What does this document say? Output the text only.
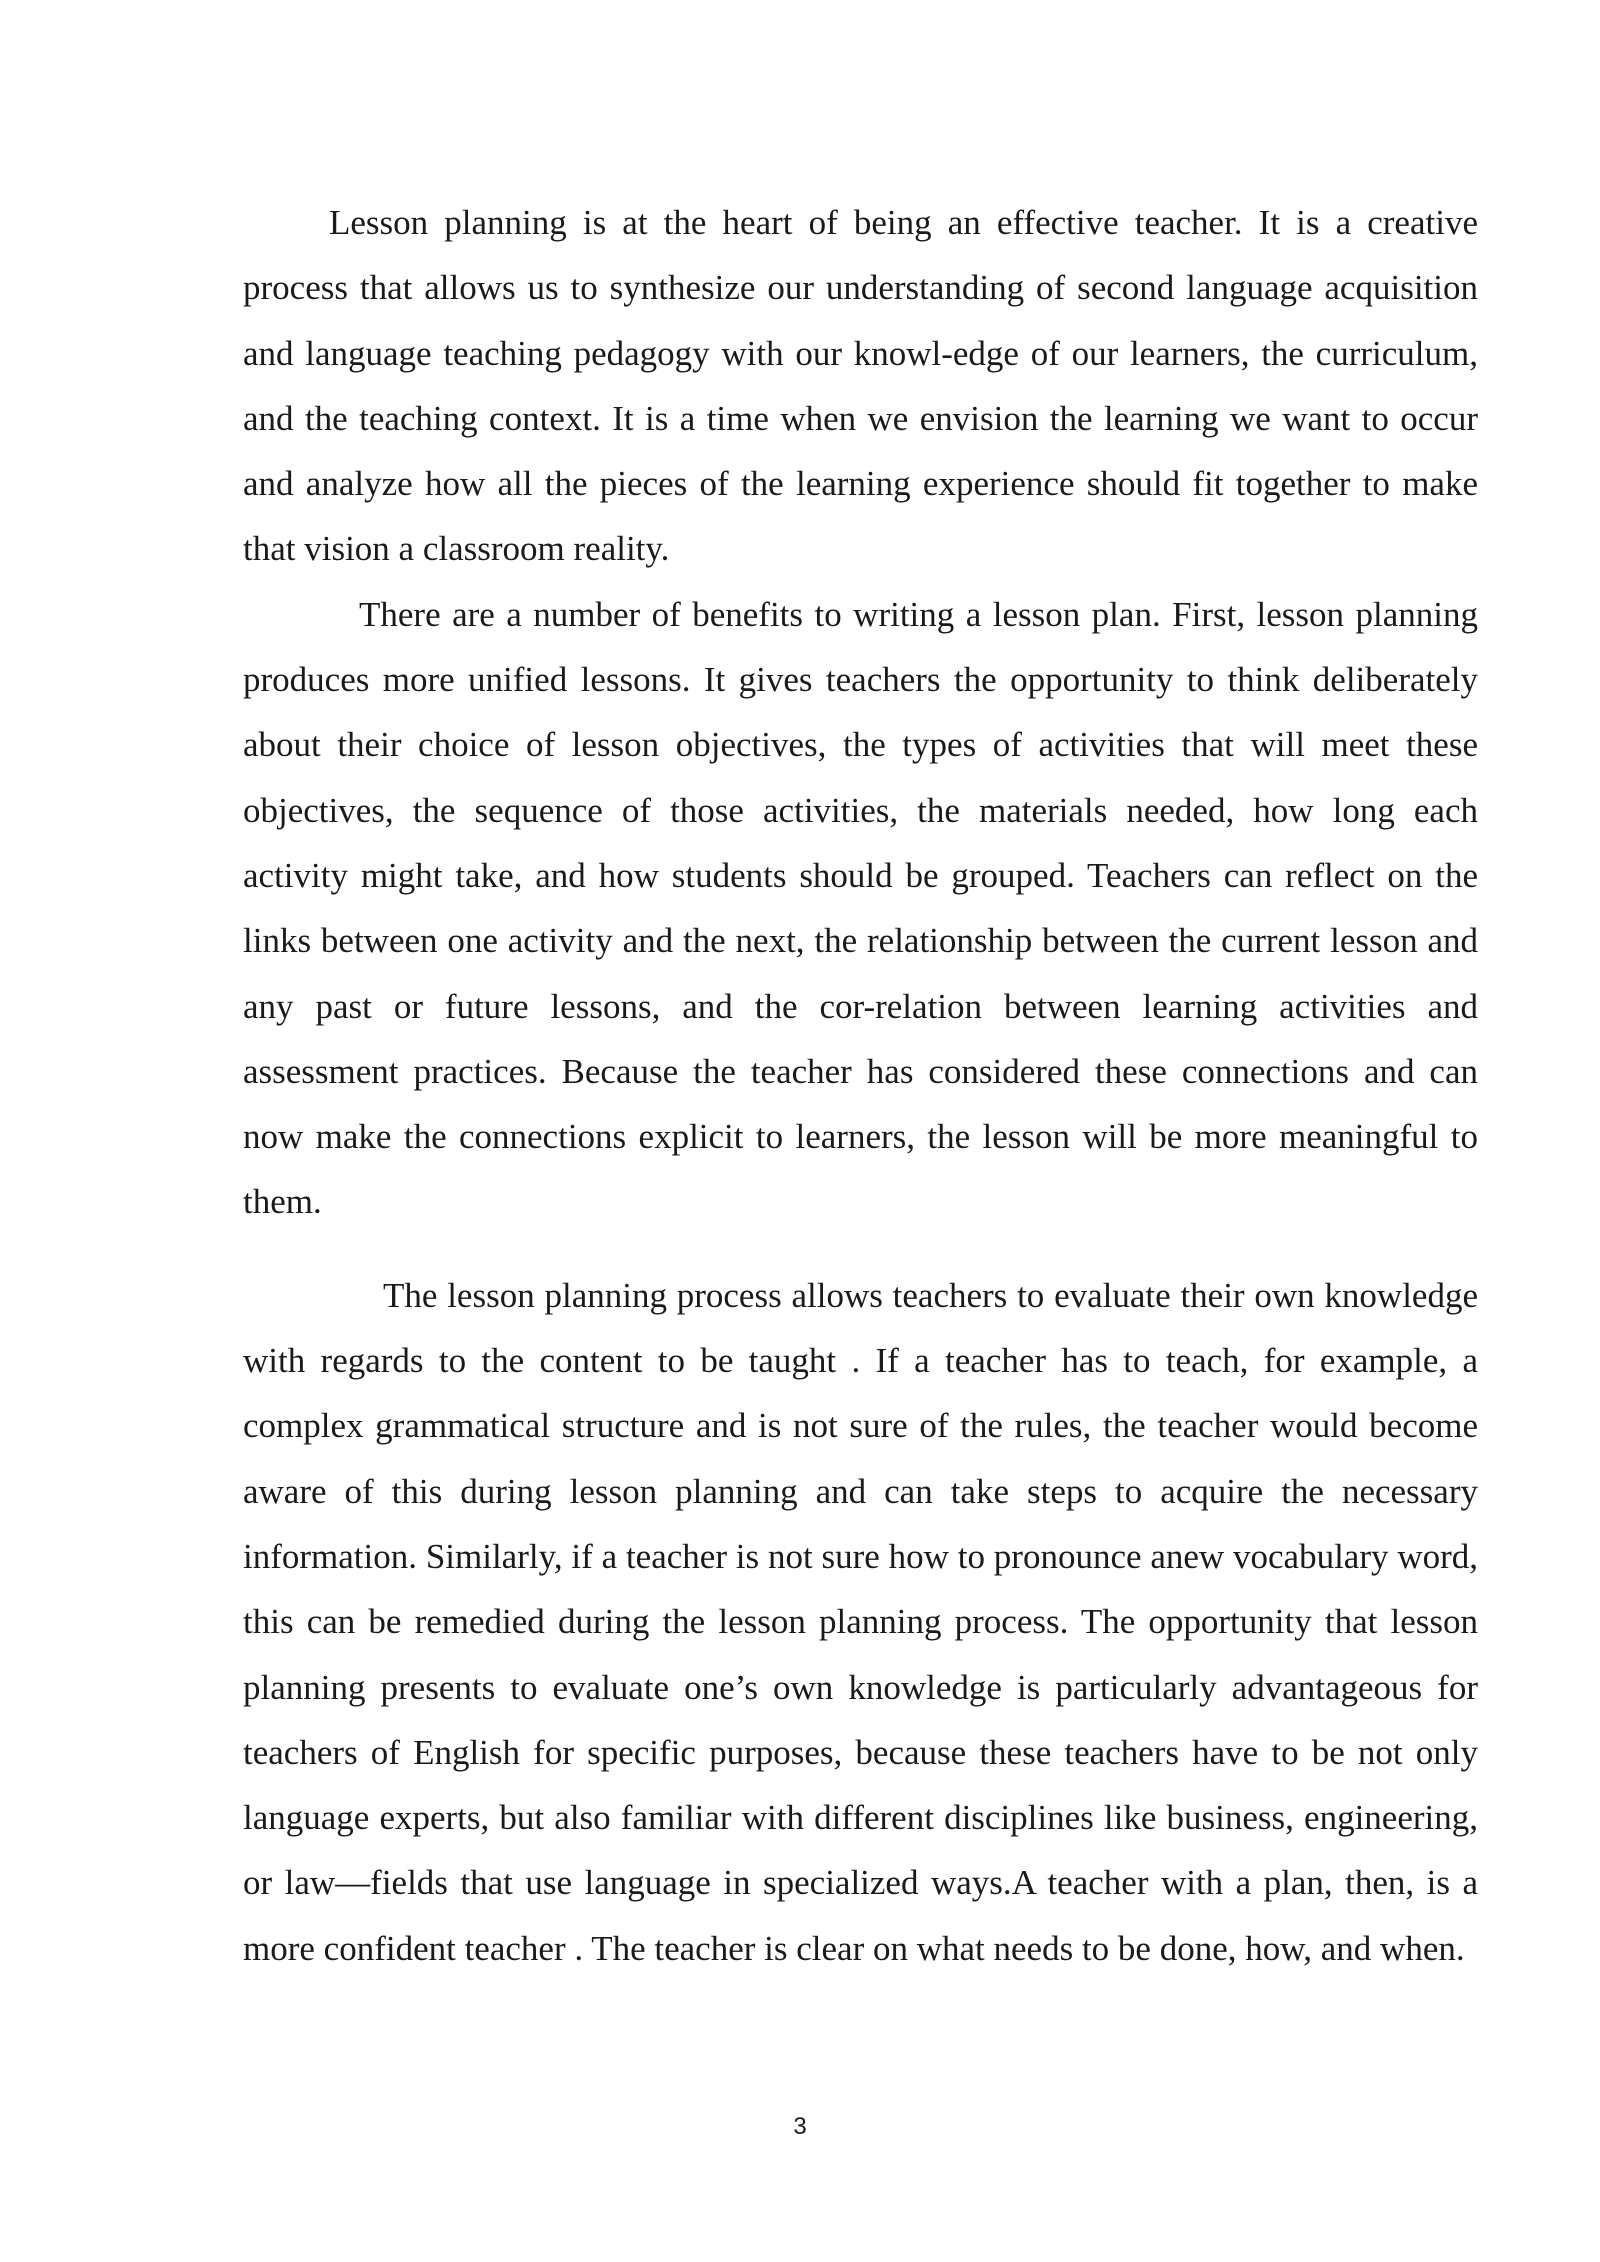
Lesson planning is at the heart of being an effective teacher. It is a creative process that allows us to synthesize our understanding of second language acquisition and language teaching pedagogy with our knowl-edge of our learners, the curriculum, and the teaching context. It is a time when we envision the learning we want to occur and analyze how all the pieces of the learning experience should fit together to make that vision a classroom reality.

There are a number of benefits to writing a lesson plan. First, lesson planning produces more unified lessons. It gives teachers the opportunity to think deliberately about their choice of lesson objectives, the types of activities that will meet these objectives, the sequence of those activities, the materials needed, how long each activity might take, and how students should be grouped. Teachers can reflect on the links between one activity and the next, the relationship between the current lesson and any past or future lessons, and the cor-relation between learning activities and assessment practices. Because the teacher has considered these connections and can now make the connections explicit to learners, the lesson will be more meaningful to them.

The lesson planning process allows teachers to evaluate their own knowledge with regards to the content to be taught . If a teacher has to teach, for example, a complex grammatical structure and is not sure of the rules, the teacher would become aware of this during lesson planning and can take steps to acquire the necessary information. Similarly, if a teacher is not sure how to pronounce anew vocabulary word, this can be remedied during the lesson planning process. The opportunity that lesson planning presents to evaluate one’s own knowledge is particularly advantageous for teachers of English for specific purposes, because these teachers have to be not only language experts, but also familiar with different disciplines like business, engineering, or law—fields that use language in specialized ways.A teacher with a plan, then, is a more confident teacher . The teacher is clear on what needs to be done, how, and when.

3
